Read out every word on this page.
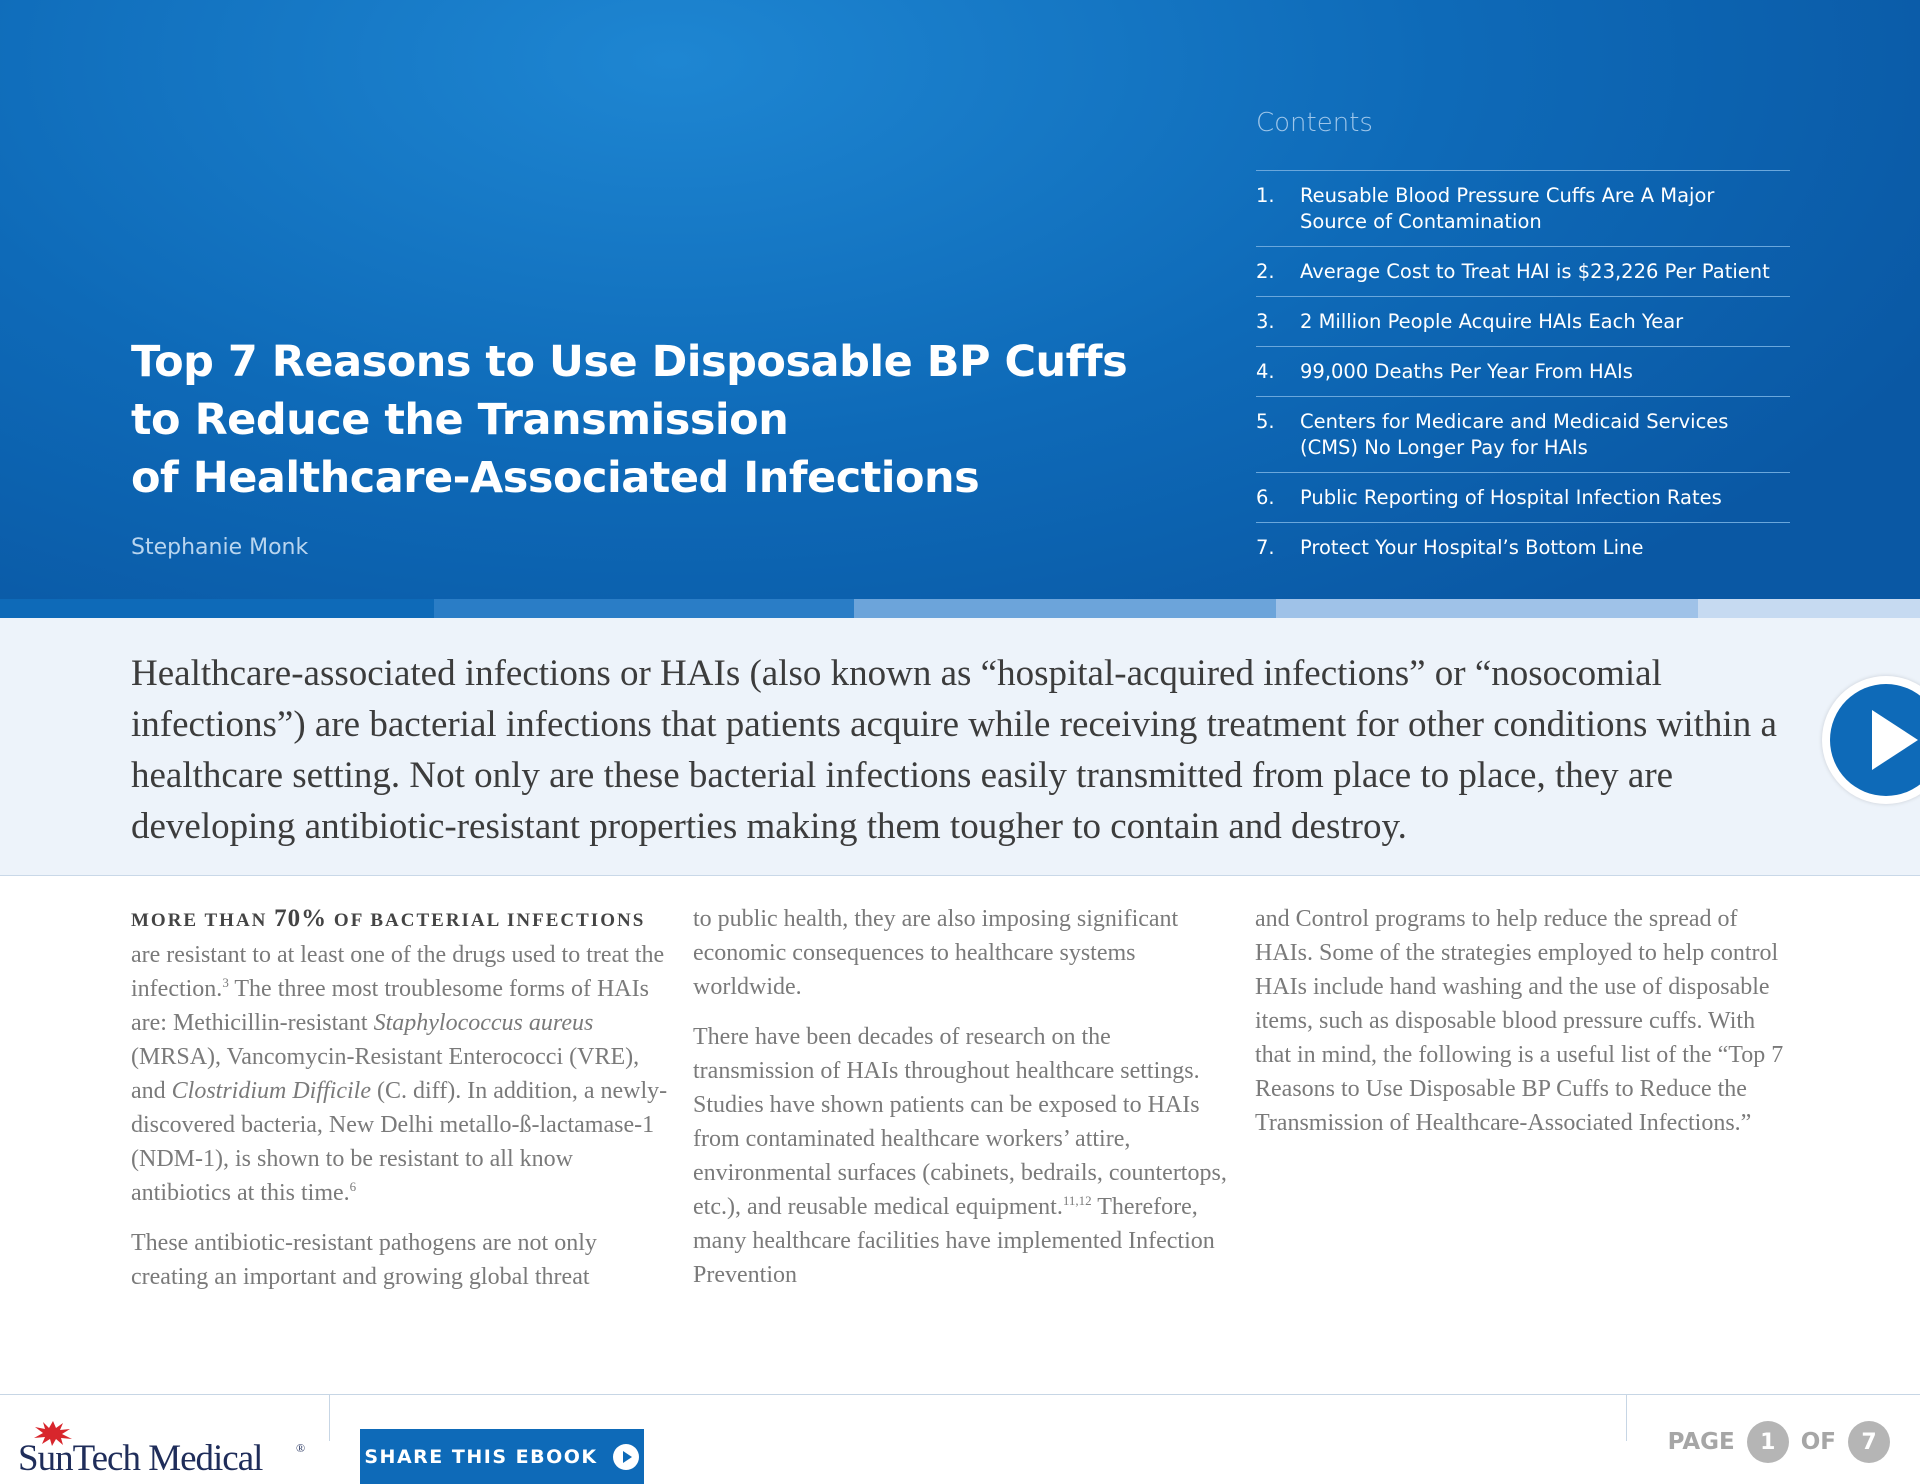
Top 7 Reasons to Use Disposable BP Cuffs
to Reduce the Transmission
of Healthcare-Associated Infections
Stephanie Monk
Contents
1.	Reusable Blood Pressure Cuffs Are A Major
Source of Contamination
2.	Average Cost to Treat HAI is $23,226 Per Patient
3.	2 Million People Acquire HAIs Each Year
4.	99,000 Deaths Per Year From HAIs
5.	Centers for Medicare and Medicaid Services
(CMS) No Longer Pay for HAIs
6.	Public Reporting of Hospital Infection Rates
7.	Protect Your Hospital’s Bottom Line

Healthcare-associated infections or HAIs (also known as “hospital-acquired infections” or “nosocomial infections”) are bacterial infections that patients acquire while receiving treatment for other conditions within a healthcare setting. Not only are these bacterial infections easily transmitted from place to place, they are developing antibiotic-resistant properties making them tougher to contain and destroy.

MORE THAN 70% OF BACTERIAL INFECTIONS are resistant to at least one of the drugs used to treat the infection.$^3$ The three most troublesome forms of HAIs are: Methicillin-resistant Staphylococcus aureus (MRSA), Vancomycin-Resistant Enterococci (VRE), and Clostridium Difficile (C. diff). In addition, a newly-discovered bacteria, New Delhi metallo-ß-lactamase-1 (NDM-1), is shown to be resistant to all know antibiotics at this time.$^6$

These antibiotic-resistant pathogens are not only creating an important and growing global threat

to public health, they are also imposing significant economic consequences to healthcare systems worldwide.

There have been decades of research on the transmission of HAIs throughout healthcare settings. Studies have shown patients can be exposed to HAIs from contaminated healthcare workers’ attire, environmental surfaces (cabinets, bedrails, countertops, etc.), and reusable medical equipment.$^{11,12}$ Therefore, many healthcare facilities have implemented Infection Prevention

and Control programs to help reduce the spread of HAIs. Some of the strategies employed to help control HAIs include hand washing and the use of disposable items, such as disposable blood pressure cuffs. With that in mind, the following is a useful list of the “Top 7 Reasons to Use Disposable BP Cuffs to Reduce the Transmission of Healthcare-Associated Infections.”

SunTech Medical	®	SHARE THIS EBOOK
PAGE	1	OF	7
